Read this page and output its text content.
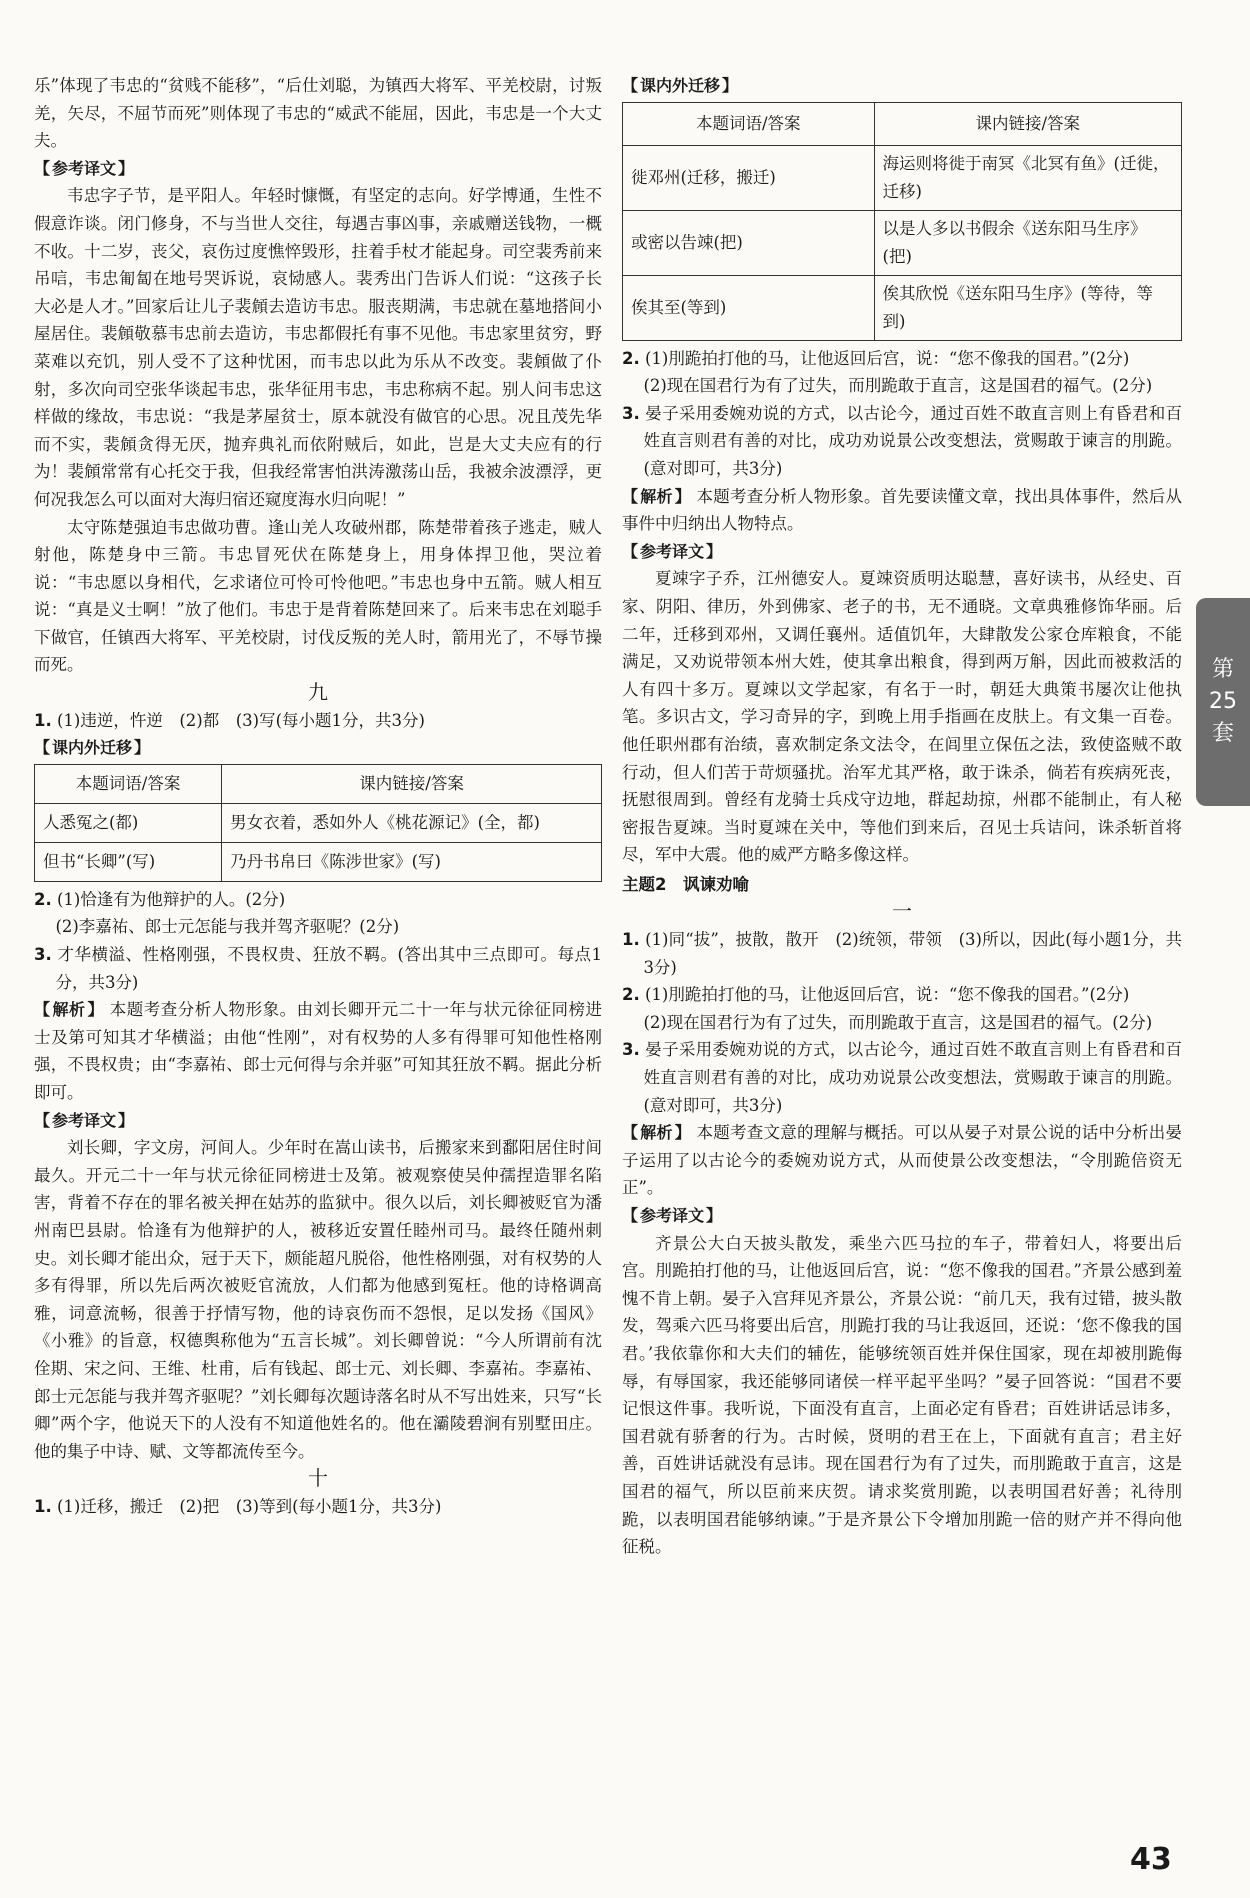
乐”体现了韦忠的“贫贱不能移”，“后仕刘聪，为镇西大将军、平羌校尉，讨叛羌，矢尽，不屈节而死”则体现了韦忠的“威武不能屈，因此，韦忠是一个大丈夫。

【 参考译文 】

韦忠字子节，是平阳人。年轻时慷慨，有坚定的志向。好学博通，生性不假意诈谈。闭门修身，不与当世人交往，每遇吉事凶事，亲戚赠送钱物，一概不收。十二岁，丧父，哀伤过度憔悴毁形，拄着手杖才能起身。司空裴秀前来吊唁，韦忠匍匐在地号哭诉说，哀恸感人。裴秀出门告诉人们说：“这孩子长大必是人才。”回家后让儿子裴頠去造访韦忠。服丧期满，韦忠就在墓地搭间小屋居住。裴頠敬慕韦忠前去造访，韦忠都假托有事不见他。韦忠家里贫穷，野菜难以充饥，别人受不了这种忧困，而韦忠以此为乐从不改变。裴頠做了仆射，多次向司空张华谈起韦忠，张华征用韦忠，韦忠称病不起。别人问韦忠这样做的缘故，韦忠说：“我是茅屋贫士，原本就没有做官的心思。况且茂先华而不实，裴頠贪得无厌，抛弃典礼而依附贼后，如此，岂是大丈夫应有的行为！裴頠常常有心托交于我，但我经常害怕洪涛激荡山岳，我被余波漂浮，更何况我怎么可以面对大海归宿还窥度海水归向呢！”

太守陈楚强迫韦忠做功曹。逢山羌人攻破州郡，陈楚带着孩子逃走，贼人射他，陈楚身中三箭。韦忠冒死伏在陈楚身上，用身体捍卫他，哭泣着说：“韦忠愿以身相代，乞求诸位可怜可怜他吧。”韦忠也身中五箭。贼人相互说：“真是义士啊！”放了他们。韦忠于是背着陈楚回来了。后来韦忠在刘聪手下做官，任镇西大将军、平羌校尉，讨伐反叛的羌人时，箭用光了，不辱节操而死。

九

1. (1)违逆，忤逆　(2)都　(3)写(每小题1分，共3分)

【 课内外迁移 】

本题词语/答案	课内链接/答案
人悉冤之(都)	男女衣着，悉如外人《桃花源记》(全，都)
但书“长卿”(写)	乃丹书帛曰《陈涉世家》(写)

2. (1)恰逢有为他辩护的人。(2分)

(2)李嘉祐、郎士元怎能与我并驾齐驱呢？(2分)

3. 才华横溢、性格刚强，不畏权贵、狂放不羁。(答出其中三点即可。每点1分，共3分)

【 解析 】 本题考查分析人物形象。由刘长卿开元二十一年与状元徐征同榜进士及第可知其才华横溢；由他“性刚”，对有权势的人多有得罪可知他性格刚强，不畏权贵；由“李嘉祐、郎士元何得与余并驱”可知其狂放不羁。据此分析即可。

【 参考译文 】

刘长卿，字文房，河间人。少年时在嵩山读书，后搬家来到鄱阳居住时间最久。开元二十一年与状元徐征同榜进士及第。被观察使吴仲孺捏造罪名陷害，背着不存在的罪名被关押在姑苏的监狱中。很久以后，刘长卿被贬官为潘州南巴县尉。恰逢有为他辩护的人，被移近安置任睦州司马。最终任随州刺史。刘长卿才能出众，冠于天下，颇能超凡脱俗，他性格刚强，对有权势的人多有得罪，所以先后两次被贬官流放，人们都为他感到冤枉。他的诗格调高雅，词意流畅，很善于抒情写物，他的诗哀伤而不怨恨，足以发扬《国风》《小雅》的旨意，权德舆称他为“五言长城”。刘长卿曾说：“今人所谓前有沈佺期、宋之问、王维、杜甫，后有钱起、郎士元、刘长卿、李嘉祐。李嘉祐、郎士元怎能与我并驾齐驱呢？”刘长卿每次题诗落名时从不写出姓来，只写“长卿”两个字，他说天下的人没有不知道他姓名的。他在灞陵碧涧有别墅田庄。他的集子中诗、赋、文等都流传至今。

十

1. (1)迁移，搬迁　(2)把　(3)等到(每小题1分，共3分)

【 课内外迁移 】

本题词语/答案	课内链接/答案
徙邓州(迁移，搬迁)	海运则将徙于南冥《北冥有鱼》(迁徙，迁移)
或密以告竦(把)	以是人多以书假余《送东阳马生序》(把)
俟其至(等到)	俟其欣悦《送东阳马生序》(等待，等到)

2. (1)刖跪拍打他的马，让他返回后宫，说：“您不像我的国君。”(2分)

(2)现在国君行为有了过失，而刖跪敢于直言，这是国君的福气。(2分)

3. 晏子采用委婉劝说的方式，以古论今，通过百姓不敢直言则上有昏君和百姓直言则君有善的对比，成功劝说景公改变想法，赏赐敢于谏言的刖跪。(意对即可，共3分)

【 解析 】 本题考查分析人物形象。首先要读懂文章，找出具体事件，然后从事件中归纳出人物特点。

【 参考译文 】

夏竦字子乔，江州德安人。夏竦资质明达聪慧，喜好读书，从经史、百家、阴阳、律历，外到佛家、老子的书，无不通晓。文章典雅修饰华丽。后二年，迁移到邓州，又调任襄州。适值饥年，大肆散发公家仓库粮食，不能满足，又劝说带领本州大姓，使其拿出粮食，得到两万斛，因此而被救活的人有四十多万。夏竦以文学起家，有名于一时，朝廷大典策书屡次让他执笔。多识古文，学习奇异的字，到晚上用手指画在皮肤上。有文集一百卷。他任职州郡有治绩，喜欢制定条文法令，在闾里立保伍之法，致使盗贼不敢行动，但人们苦于苛烦骚扰。治军尤其严格，敢于诛杀，倘若有疾病死丧，抚慰很周到。曾经有龙骑士兵戍守边地，群起劫掠，州郡不能制止，有人秘密报告夏竦。当时夏竦在关中，等他们到来后，召见士兵诘问，诛杀斩首将尽，军中大震。他的威严方略多像这样。

主题2　讽谏劝喻

一

1. (1)同“拔”，披散，散开　(2)统领，带领　(3)所以，因此(每小题1分，共3分)

2. (1)刖跪拍打他的马，让他返回后宫，说：“您不像我的国君。”(2分)

(2)现在国君行为有了过失，而刖跪敢于直言，这是国君的福气。(2分)

3. 晏子采用委婉劝说的方式，以古论今，通过百姓不敢直言则上有昏君和百姓直言则君有善的对比，成功劝说景公改变想法，赏赐敢于谏言的刖跪。(意对即可，共3分)

【 解析 】 本题考查文意的理解与概括。可以从晏子对景公说的话中分析出晏子运用了以古论今的委婉劝说方式，从而使景公改变想法，“令刖跪倍资无正”。

【 参考译文 】

齐景公大白天披头散发，乘坐六匹马拉的车子，带着妇人，将要出后宫。刖跪拍打他的马，让他返回后宫，说：“您不像我的国君。”齐景公感到羞愧不肯上朝。晏子入宫拜见齐景公，齐景公说：“前几天，我有过错，披头散发，驾乘六匹马将要出后宫，刖跪打我的马让我返回，还说：‘您不像我的国君。’我依靠你和大夫们的辅佐，能够统领百姓并保住国家，现在却被刖跪侮辱，有辱国家，我还能够同诸侯一样平起平坐吗？”晏子回答说：“国君不要记恨这件事。我听说，下面没有直言，上面必定有昏君；百姓讲话忌讳多，国君就有骄奢的行为。古时候，贤明的君王在上，下面就有直言；君主好善，百姓讲话就没有忌讳。现在国君行为有了过失，而刖跪敢于直言，这是国君的福气，所以臣前来庆贺。请求奖赏刖跪，以表明国君好善；礼待刖跪，以表明国君能够纳谏。”于是齐景公下令增加刖跪一倍的财产并不得向他征税。

第
25
套
43
